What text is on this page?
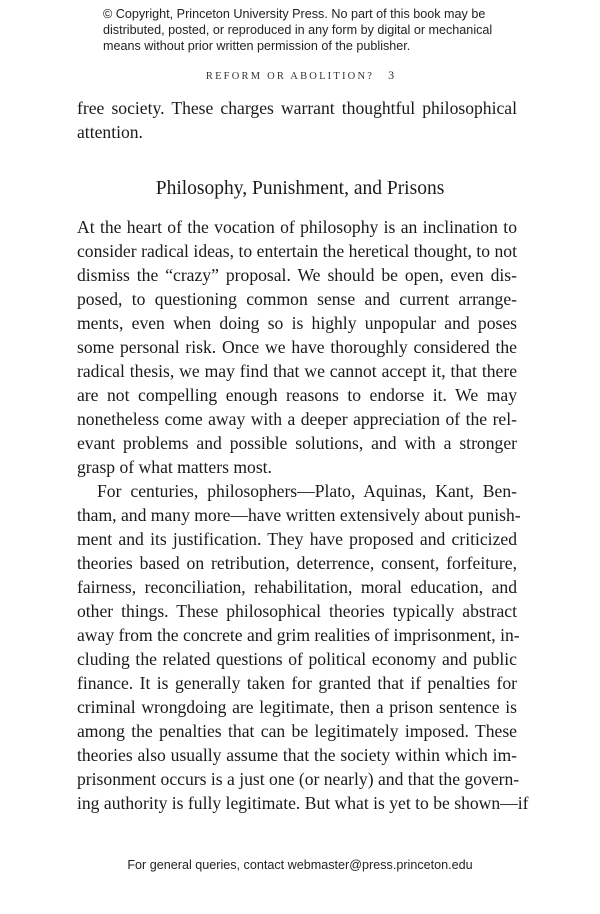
© Copyright, Princeton University Press. No part of this book may be
distributed, posted, or reproduced in any form by digital or mechanical
means without prior written permission of the publisher.
REFORM OR ABOLITION? 3
free society. These charges warrant thoughtful philosophical
attention.
Philosophy, Punishment, and Prisons
At the heart of the vocation of philosophy is an inclination to
consider radical ideas, to entertain the heretical thought, to not
dismiss the “crazy” proposal. We should be open, even dis-
posed, to questioning common sense and current arrange-
ments, even when doing so is highly unpopular and poses
some personal risk. Once we have thoroughly considered the
radical thesis, we may find that we cannot accept it, that there
are not compelling enough reasons to endorse it. We may
nonetheless come away with a deeper appreciation of the rel-
evant problems and possible solutions, and with a stronger
grasp of what matters most.
For centuries, philosophers—Plato, Aquinas, Kant, Ben-
tham, and many more—have written extensively about punish-
ment and its justification. They have proposed and criticized
theories based on retribution, deterrence, consent, forfeiture,
fairness, reconciliation, rehabilitation, moral education, and
other things. These philosophical theories typically abstract
away from the concrete and grim realities of imprisonment, in-
cluding the related questions of political economy and public
finance. It is generally taken for granted that if penalties for
criminal wrongdoing are legitimate, then a prison sentence is
among the penalties that can be legitimately imposed. These
theories also usually assume that the society within which im-
prisonment occurs is a just one (or nearly) and that the govern-
ing authority is fully legitimate. But what is yet to be shown—if
For general queries, contact webmaster@press.princeton.edu
